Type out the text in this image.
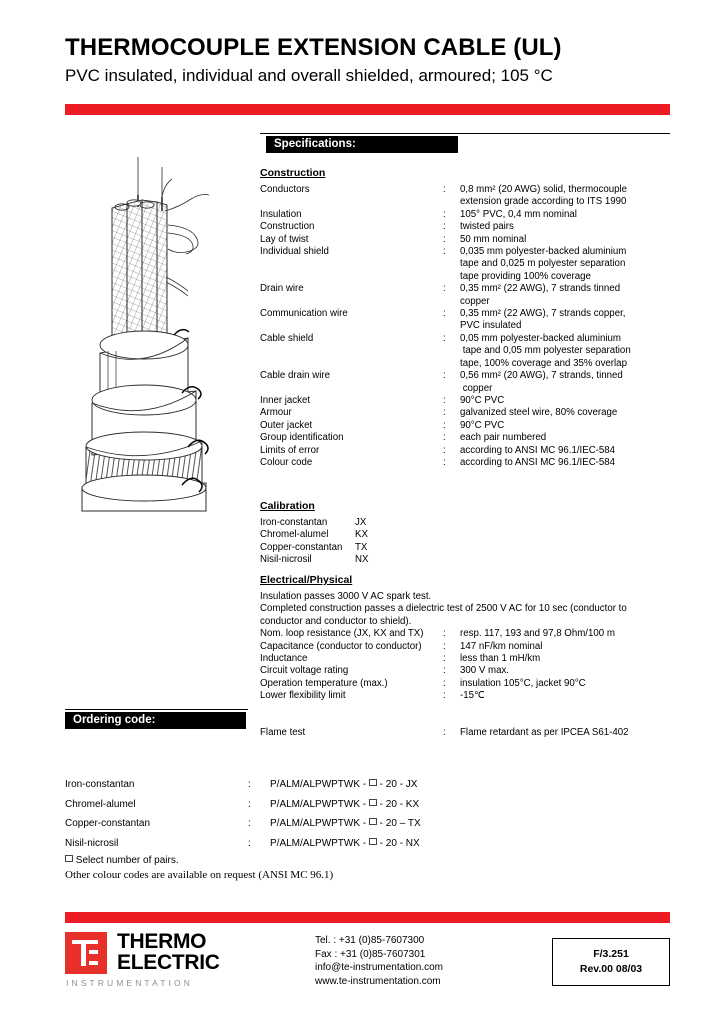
THERMOCOUPLE EXTENSION CABLE (UL)
PVC insulated, individual and overall shielded, armoured; 105 °C
Specifications:
Construction
Conductors	:	0,8 mm² (20 AWG) solid, thermocouple
extension grade according to ITS 1990
Insulation	:	105° PVC, 0,4 mm nominal
Construction	:	twisted pairs
Lay of twist	:	50 mm nominal
Individual shield	:	0,035 mm polyester-backed aluminium
tape and 0,025 m polyester separation
tape providing 100% coverage
Drain wire	:	0,35 mm² (22 AWG), 7 strands tinned
copper
Communication wire	:	0,35 mm² (22 AWG), 7 strands copper,
PVC insulated
Cable shield	:	0,05 mm polyester-backed aluminium
tape and 0,05 mm polyester separation
tape, 100% coverage and 35% overlap
Cable drain wire	:	0,56 mm² (20 AWG), 7 strands, tinned
copper
Inner jacket	:	90°C PVC
Armour	:	galvanized steel wire, 80% coverage
Outer jacket	:	90°C PVC
Group identification	:	each pair numbered
Limits of error	:	according to ANSI MC 96.1/IEC-584
Colour code	:	according to ANSI MC 96.1/IEC-584
Calibration
Iron-constantan	JX
Chromel-alumel	KX
Copper-constantan	TX
Nisil-nicrosil	NX
Electrical/Physical
Insulation passes 3000 V AC spark test.
Completed construction passes a dielectric test of 2500 V AC for 10 sec (conductor to
conductor and conductor to shield).
Nom. loop resistance (JX, KX and TX)	:	resp. 117, 193 and 97,8 Ohm/100 m
Capacitance (conductor to conductor)	:	147 nF/km nominal
Inductance	:	less than 1 mH/km
Circuit voltage rating	:	300 V max.
Operation temperature (max.)	:	insulation 105°C, jacket 90°C
Lower flexibility limit	:	-15℃
Ordering code:
Flame test	:	Flame retardant as per IPCEA S61-402
Iron-constantan	:	P/ALM/ALPWPTWK -  - 20 - JX
Chromel-alumel	:	P/ALM/ALPWPTWK -  - 20 - KX
Copper-constantan	:	P/ALM/ALPWPTWK -  - 20 – TX
Nisil-nicrosil	:	P/ALM/ALPWPTWK -  - 20 - NX
Select number of pairs.
Other colour codes are available on request (ANSI MC 96.1)
THERMO
ELECTRIC
INSTRUMENTATION
Tel. : +31 (0)85-7607300
Fax : +31 (0)85-7607301
info@te-instrumentation.com
www.te-instrumentation.com
F/3.251
Rev.00 08/03
